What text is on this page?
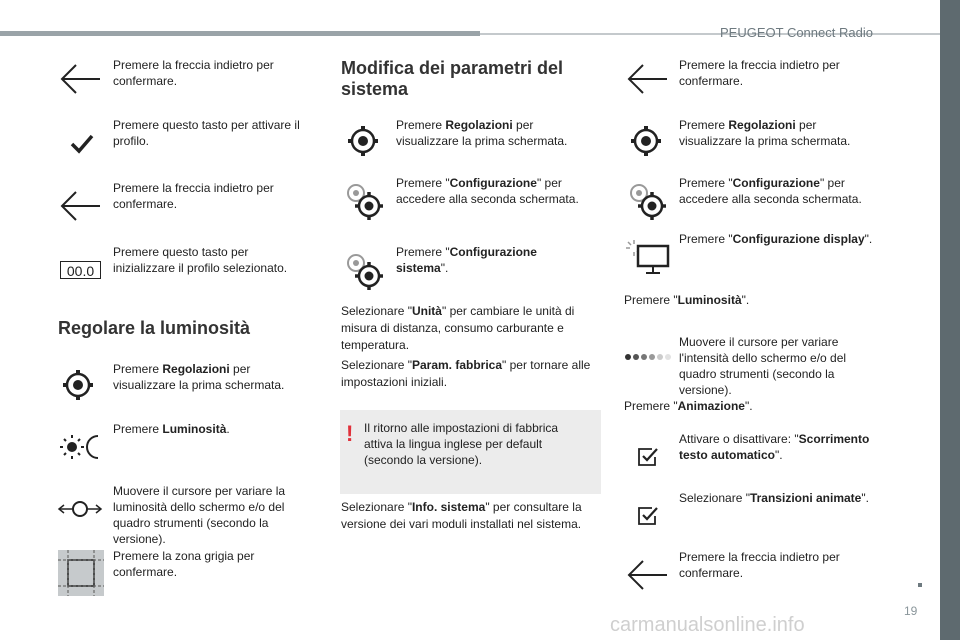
PEUGEOT Connect Radio
19
carmanualsonline.info
Premere la freccia indietro per confermare.
Premere questo tasto per attivare il profilo.
Premere la freccia indietro per confermare.
00.0
Premere questo tasto per inizializzare il profilo selezionato.
Regolare la luminosità
Premere Regolazioni per visualizzare la prima schermata.
Premere Luminosità.
Muovere il cursore per variare la luminosità dello schermo e/o del quadro strumenti (secondo la versione).
Premere la zona grigia per confermare.
Modifica dei parametri del sistema
Premere Regolazioni per visualizzare la prima schermata.
Premere "Configurazione" per accedere alla seconda schermata.
Premere "Configurazione sistema".
Selezionare "Unità" per cambiare le unità di misura di distanza, consumo carburante e temperatura.
Selezionare "Param. fabbrica" per tornare alle impostazioni iniziali.
! Il ritorno alle impostazioni di fabbrica attiva la lingua inglese per default (secondo la versione).
Selezionare "Info. sistema" per consultare la versione dei vari moduli installati nel sistema.
Premere la freccia indietro per confermare.
Premere Regolazioni per visualizzare la prima schermata.
Premere "Configurazione" per accedere alla seconda schermata.
Premere "Configurazione display".
Premere "Luminosità".
Muovere il cursore per variare l'intensità dello schermo e/o del quadro strumenti (secondo la versione).
Premere "Animazione".
Attivare o disattivare: "Scorrimento testo automatico".
Selezionare "Transizioni animate".
Premere la freccia indietro per confermare.
